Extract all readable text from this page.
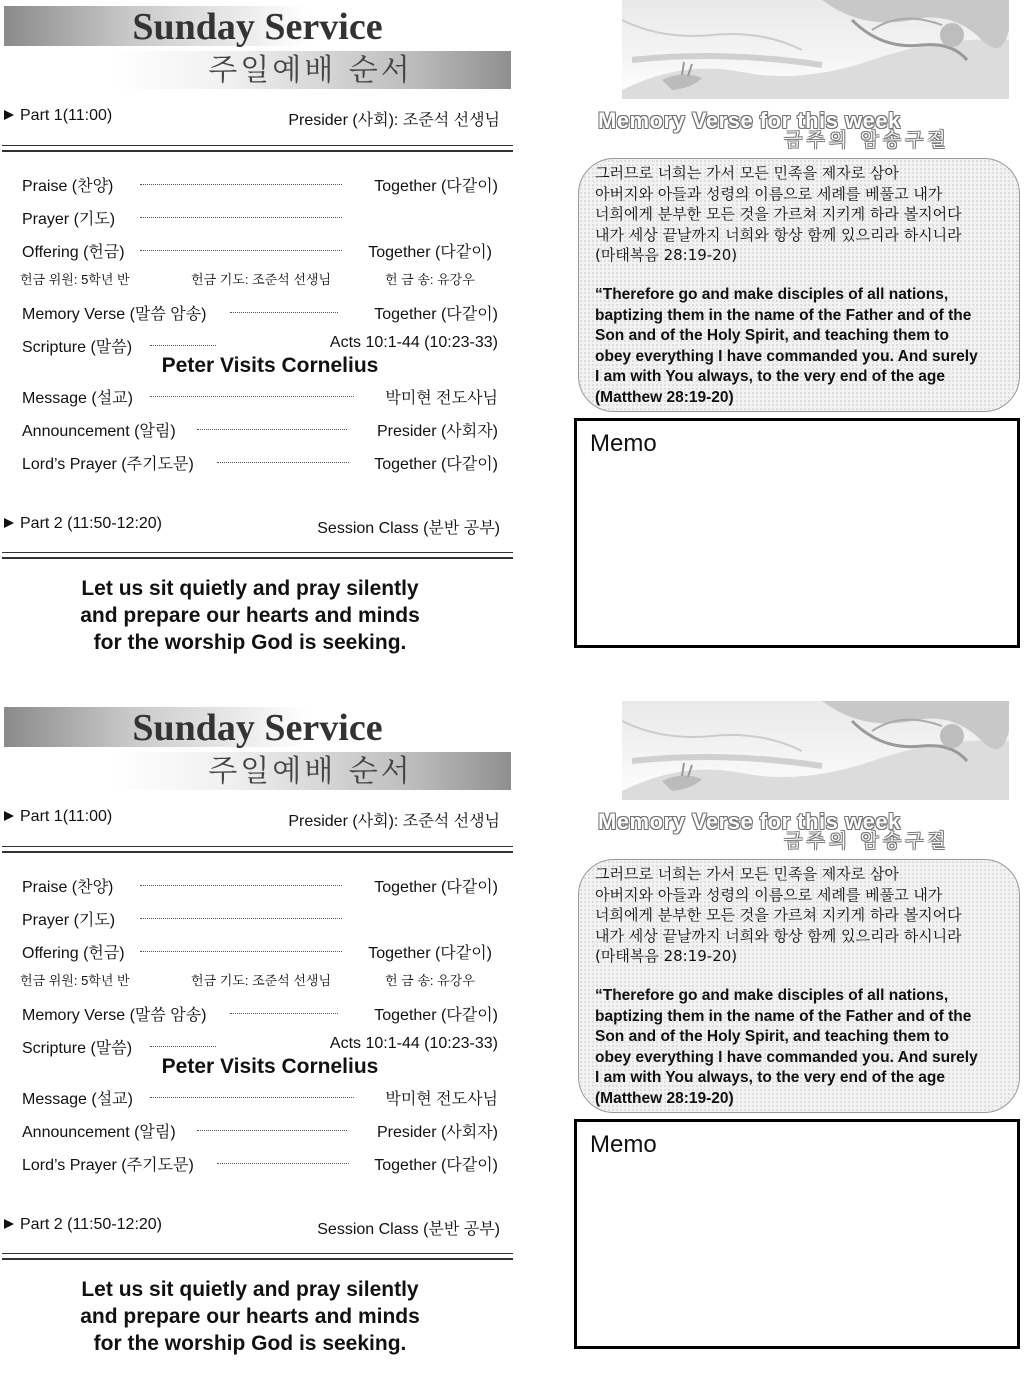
Sunday Service
주일예배 순서
Part 1(11:00)	Presider (사회): 조준석 선생님
Praise (찬양)	Together (다같이)
Prayer (기도)
Offering (헌금)	Together (다같이)
헌금 위원: 5학년 반	헌금 기도: 조준석 선생님	헌 금 송: 유강우
Memory Verse (말씀 암송)	Together (다같이)
Scripture (말씀)	Acts 10:1-44 (10:23-33)
Peter Visits Cornelius
Message (설교)	박미현 전도사님
Announcement (알림)	Presider (사회자)
Lord’s Prayer (주기도문)	Together (다같이)
Part 2 (11:50-12:20)	Session Class (분반 공부)
Let us sit quietly and pray silently
and prepare our hearts and minds
for the worship God is seeking.
Memory Verse for this week
금주의 암송구절
그러므로 너희는 가서 모든 민족을 제자로 삼아
아버지와 아들과 성령의 이름으로 세례를 베풀고 내가
너희에게 분부한 모든 것을 가르쳐 지키게 하라 볼지어다
내가 세상 끝날까지 너희와 항상 함께 있으리라 하시니라
(마태복음 28:19-20)
“Therefore go and make disciples of all nations,
baptizing them in the name of the Father and of the
Son and of the Holy Spirit, and teaching them to
obey everything I have commanded you. And surely
I am with You always, to the very end of the age
(Matthew 28:19-20)
Memo
Sunday Service
주일예배 순서
Part 1(11:00)	Presider (사회): 조준석 선생님
Praise (찬양)	Together (다같이)
Prayer (기도)
Offering (헌금)	Together (다같이)
헌금 위원: 5학년 반	헌금 기도: 조준석 선생님	헌 금 송: 유강우
Memory Verse (말씀 암송)	Together (다같이)
Scripture (말씀)	Acts 10:1-44 (10:23-33)
Peter Visits Cornelius
Message (설교)	박미현 전도사님
Announcement (알림)	Presider (사회자)
Lord’s Prayer (주기도문)	Together (다같이)
Part 2 (11:50-12:20)	Session Class (분반 공부)
Let us sit quietly and pray silently
and prepare our hearts and minds
for the worship God is seeking.
Memory Verse for this week
금주의 암송구절
그러므로 너희는 가서 모든 민족을 제자로 삼아
아버지와 아들과 성령의 이름으로 세례를 베풀고 내가
너희에게 분부한 모든 것을 가르쳐 지키게 하라 볼지어다
내가 세상 끝날까지 너희와 항상 함께 있으리라 하시니라
(마태복음 28:19-20)
“Therefore go and make disciples of all nations,
baptizing them in the name of the Father and of the
Son and of the Holy Spirit, and teaching them to
obey everything I have commanded you. And surely
I am with You always, to the very end of the age
(Matthew 28:19-20)
Memo
